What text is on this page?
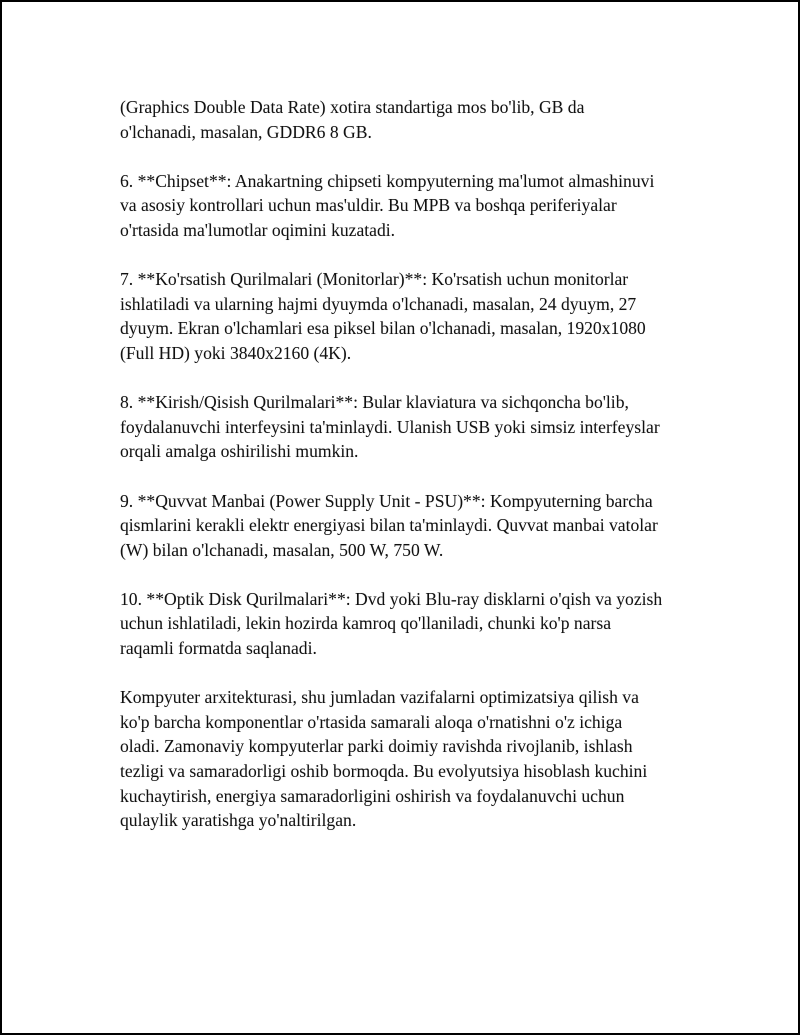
(Graphics Double Data Rate) xotira standartiga mos bo'lib, GB da
o'lchanadi, masalan, GDDR6 8 GB.

6. **Chipset**: Anakartning chipseti kompyuterning ma'lumot almashinuvi
va asosiy kontrollari uchun mas'uldir. Bu MPB va boshqa periferiyalar
o'rtasida ma'lumotlar oqimini kuzatadi.

7. **Ko'rsatish Qurilmalari (Monitorlar)**: Ko'rsatish uchun monitorlar
ishlatiladi va ularning hajmi dyuymda o'lchanadi, masalan, 24 dyuym, 27
dyuym. Ekran o'lchamlari esa piksel bilan o'lchanadi, masalan, 1920x1080
(Full HD) yoki 3840x2160 (4K).

8. **Kirish/Qisish Qurilmalari**: Bular klaviatura va sichqoncha bo'lib,
foydalanuvchi interfeysini ta'minlaydi. Ulanish USB yoki simsiz interfeyslar
orqali amalga oshirilishi mumkin.

9. **Quvvat Manbai (Power Supply Unit - PSU)**: Kompyuterning barcha
qismlarini kerakli elektr energiyasi bilan ta'minlaydi. Quvvat manbai vatolar
(W) bilan o'lchanadi, masalan, 500 W, 750 W.

10. **Optik Disk Qurilmalari**: Dvd yoki Blu-ray disklarni o'qish va yozish
uchun ishlatiladi, lekin hozirda kamroq qo'llaniladi, chunki ko'p narsa
raqamli formatda saqlanadi.

Kompyuter arxitekturasi, shu jumladan vazifalarni optimizatsiya qilish va
ko'p barcha komponentlar o'rtasida samarali aloqa o'rnatishni o'z ichiga
oladi. Zamonaviy kompyuterlar parki doimiy ravishda rivojlanib, ishlash
tezligi va samaradorligi oshib bormoqda. Bu evolyutsiya hisoblash kuchini
kuchaytirish, energiya samaradorligini oshirish va foydalanuvchi uchun
qulaylik yaratishga yo'naltirilgan.
